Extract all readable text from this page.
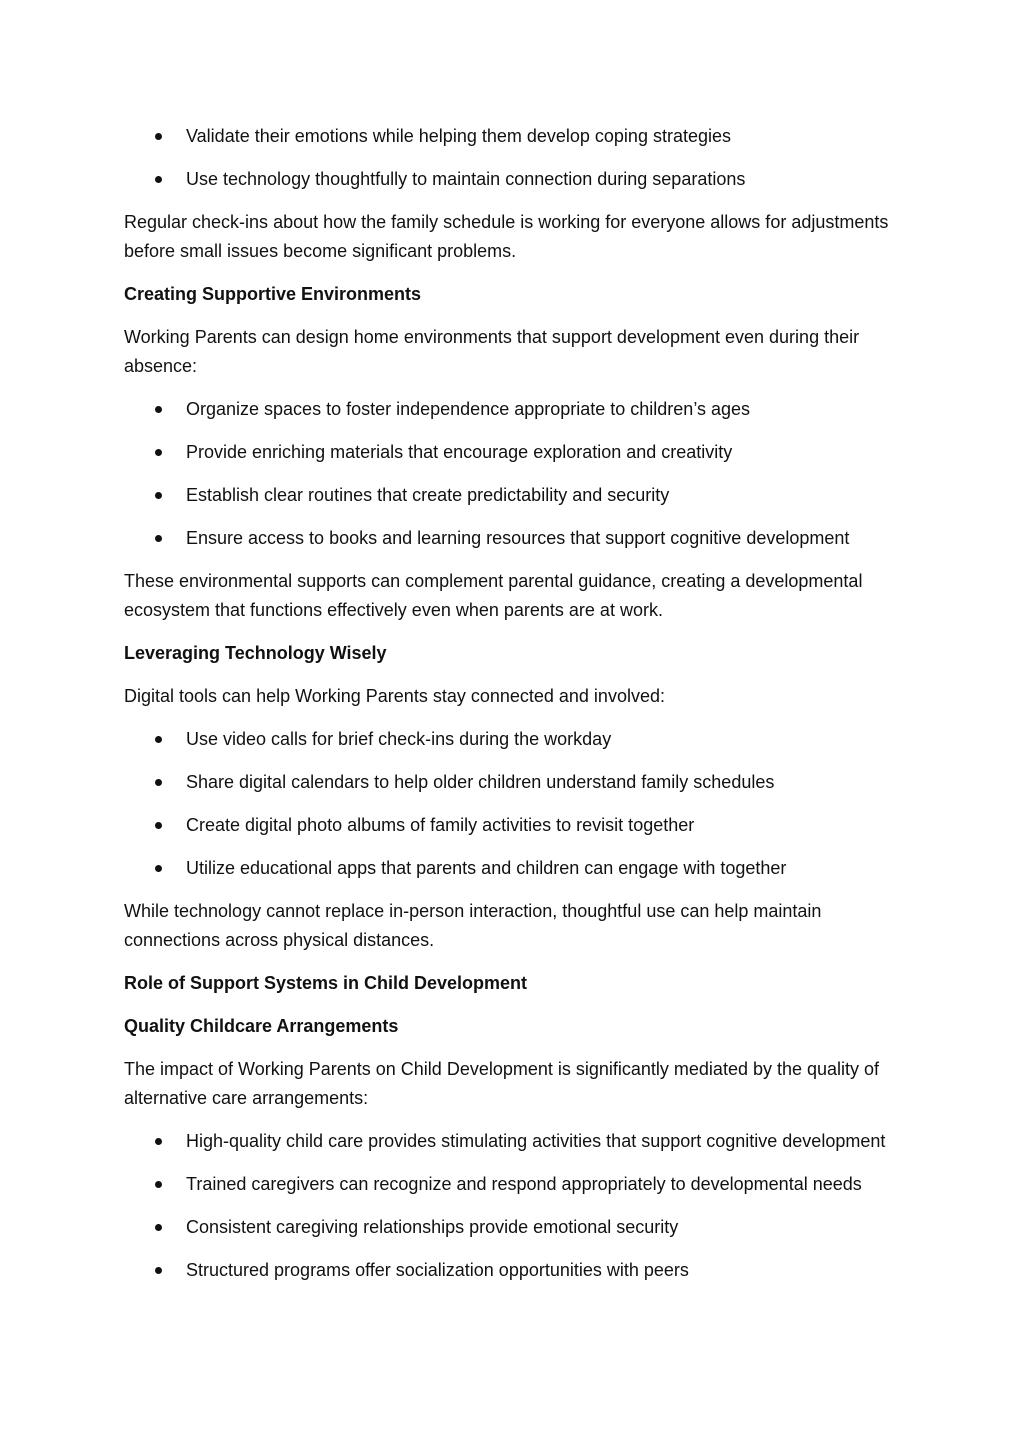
Validate their emotions while helping them develop coping strategies
Use technology thoughtfully to maintain connection during separations

Regular check-ins about how the family schedule is working for everyone allows for adjustments before small issues become significant problems.

Creating Supportive Environments

Working Parents can design home environments that support development even during their absence:

Organize spaces to foster independence appropriate to children’s ages
Provide enriching materials that encourage exploration and creativity
Establish clear routines that create predictability and security
Ensure access to books and learning resources that support cognitive development

These environmental supports can complement parental guidance, creating a developmental ecosystem that functions effectively even when parents are at work.

Leveraging Technology Wisely

Digital tools can help Working Parents stay connected and involved:

Use video calls for brief check-ins during the workday
Share digital calendars to help older children understand family schedules
Create digital photo albums of family activities to revisit together
Utilize educational apps that parents and children can engage with together

While technology cannot replace in-person interaction, thoughtful use can help maintain connections across physical distances.

Role of Support Systems in Child Development
Quality Childcare Arrangements

The impact of Working Parents on Child Development is significantly mediated by the quality of alternative care arrangements:

High-quality child care provides stimulating activities that support cognitive development
Trained caregivers can recognize and respond appropriately to developmental needs
Consistent caregiving relationships provide emotional security
Structured programs offer socialization opportunities with peers
